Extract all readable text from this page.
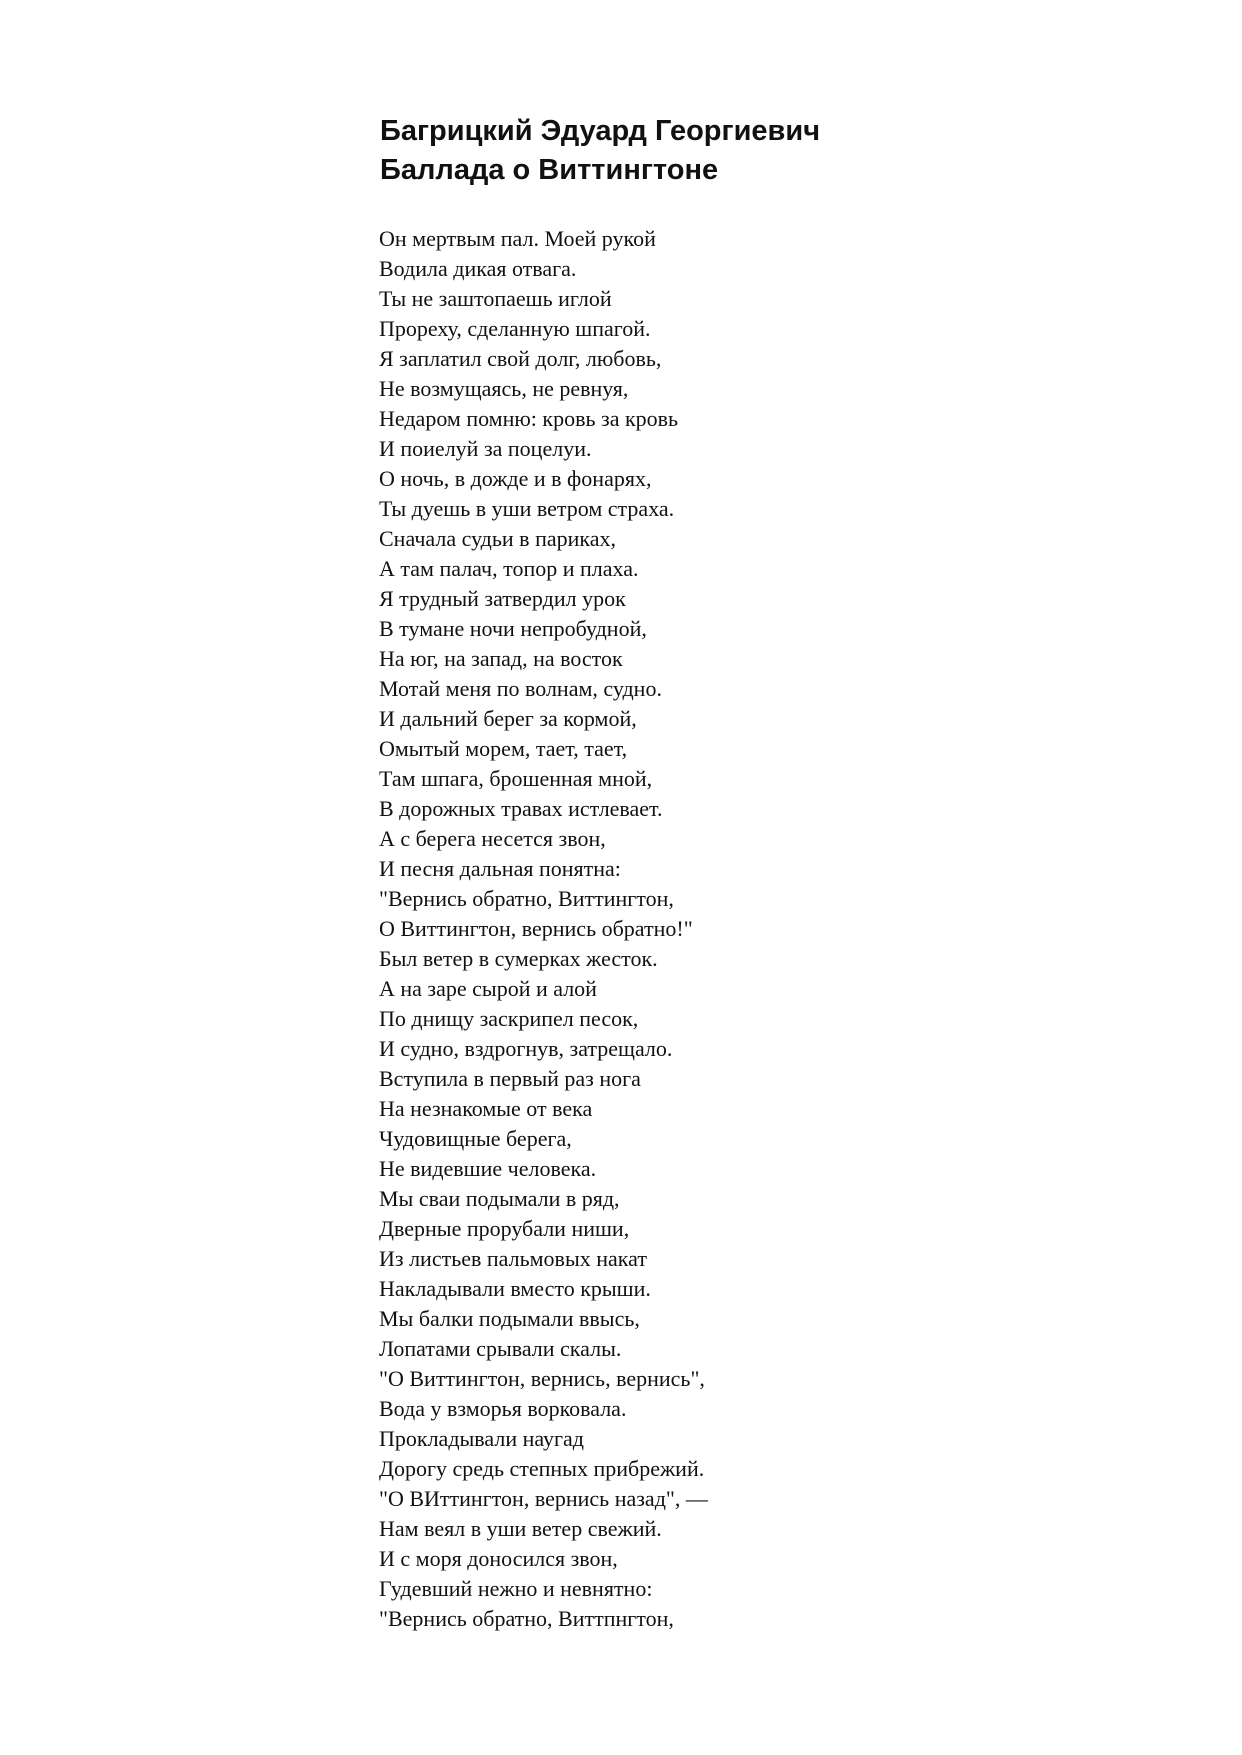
Багрицкий Эдуард Георгиевич
Баллада о Виттингтоне
Он мертвым пал. Моей рукой
Водила дикая отвага.
Ты не заштопаешь иглой
Прореху, сделанную шпагой.
Я заплатил свой долг, любовь,
Не возмущаясь, не ревнуя,
Недаром помню: кровь за кровь
И поиелуй за поцелуи.
О ночь, в дожде и в фонарях,
Ты дуешь в уши ветром страха.
Сначала судьи в париках,
А там палач, топор и плаха.
Я трудный затвердил урок
В тумане ночи непробудной,
На юг, на запад, на восток
Мотай меня по волнам, судно.
И дальний берег за кормой,
Омытый морем, тает, тает,
Там шпага, брошенная мной,
В дорожных травах истлевает.
А с берега несется звон,
И песня дальная понятна:
"Вернись обратно, Виттингтон,
О Виттингтон, вернись обратно!"
Был ветер в сумерках жесток.
А на заре сырой и алой
По днищу заскрипел песок,
И судно, вздрогнув, затрещало.
Вступила в первый раз нога
На незнакомые от века
Чудовищные берега,
Не видевшие человека.
Мы сваи подымали в ряд,
Дверные прорубали ниши,
Из листьев пальмовых накат
Накладывали вместо крыши.
Мы балки подымали ввысь,
Лопатами срывали скалы.
"О Виттингтон, вернись, вернись",
Вода у взморья ворковала.
Прокладывали наугад
Дорогу средь степных прибрежий.
"О ВИттингтон, вернись назад", —
Нам веял в уши ветер свежий.
И с моря доносился звон,
Гудевший нежно и невнятно:
"Вернись обратно, Виттпнгтон,
